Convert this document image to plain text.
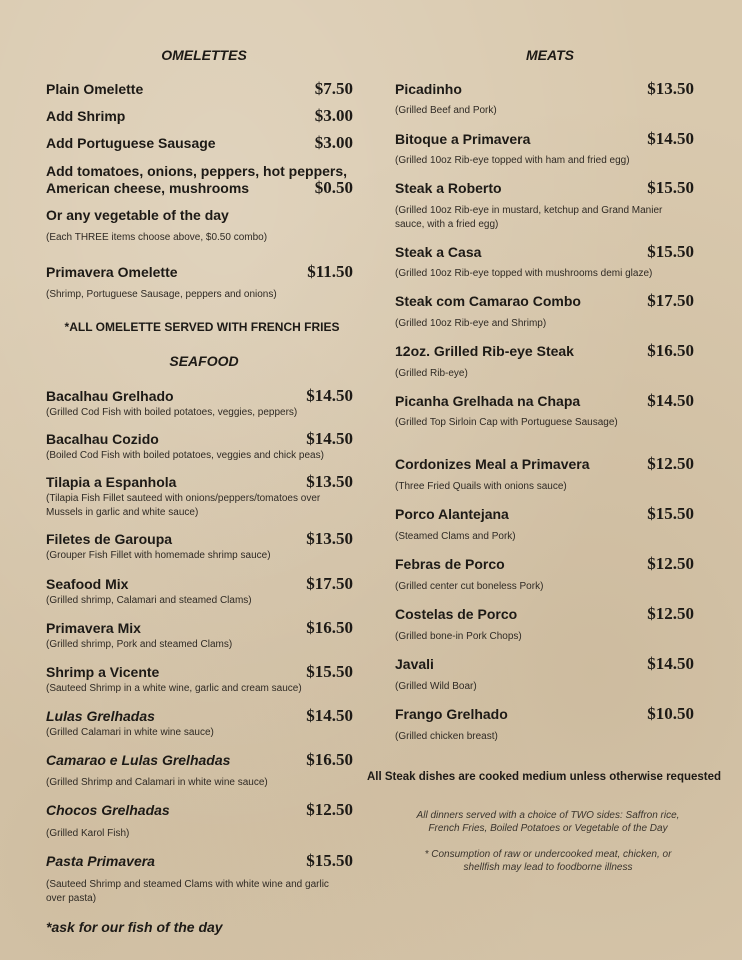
OMELETTES
*ALL OMELETTE SERVED WITH FRENCH FRIES
SEAFOOD
*ask for our fish of the day
MEATS
All Steak dishes are cooked medium unless otherwise requested
All dinners served with a choice of TWO sides: Saffron rice,
French Fries, Boiled Potatoes or Vegetable of the Day
* Consumption of raw or undercooked meat, chicken, or
shellfish may lead to foodborne illness
Plain Omelette	$7.50
Add Shrimp	$3.00
Add Portuguese Sausage	$3.00
Add tomatoes, onions, peppers, hot peppers,
American cheese, mushrooms	$0.50
Or any vegetable of the day
(Each THREE items choose above, $0.50 combo)
Primavera Omelette	$11.50
(Shrimp, Portuguese Sausage, peppers and onions)
Bacalhau Grelhado	$14.50
(Grilled Cod Fish with boiled potatoes, veggies, peppers)
Bacalhau Cozido	$14.50
(Boiled Cod Fish with boiled potatoes, veggies and chick peas)
Tilapia a Espanhola	$13.50
(Tilapia Fish Fillet sauteed with onions/peppers/tomatoes over
Mussels in garlic and white sauce)
Filetes de Garoupa	$13.50
(Grouper Fish Fillet with homemade shrimp sauce)
Seafood Mix	$17.50
(Grilled shrimp, Calamari and steamed Clams)
Primavera Mix	$16.50
(Grilled shrimp, Pork and steamed Clams)
Shrimp a Vicente	$15.50
(Sauteed Shrimp in a white wine, garlic and cream sauce)
Lulas Grelhadas	$14.50
(Grilled Calamari in white wine sauce)
Camarao e Lulas Grelhadas	$16.50
(Grilled Shrimp and Calamari in white wine sauce)
Chocos Grelhadas	$12.50
(Grilled Karol Fish)
Pasta Primavera	$15.50
(Sauteed Shrimp and steamed Clams with white wine and garlic
over pasta)
Picadinho	$13.50
(Grilled Beef and Pork)
Bitoque a Primavera	$14.50
(Grilled 10oz Rib-eye topped with ham and fried egg)
Steak a Roberto	$15.50
(Grilled 10oz Rib-eye in mustard, ketchup and Grand Manier
sauce, with a fried egg)
Steak a Casa	$15.50
(Grilled 10oz Rib-eye topped with mushrooms demi glaze)
Steak com Camarao Combo	$17.50
(Grilled 10oz Rib-eye and Shrimp)
12oz. Grilled Rib-eye Steak	$16.50
(Grilled Rib-eye)
Picanha Grelhada na Chapa	$14.50
(Grilled Top Sirloin Cap with Portuguese Sausage)
Cordonizes Meal a Primavera	$12.50
(Three Fried Quails with onions sauce)
Porco Alantejana	$15.50
(Steamed Clams and Pork)
Febras de Porco	$12.50
(Grilled center cut boneless Pork)
Costelas de Porco	$12.50
(Grilled bone-in Pork Chops)
Javali	$14.50
(Grilled Wild Boar)
Frango Grelhado	$10.50
(Grilled chicken breast)
